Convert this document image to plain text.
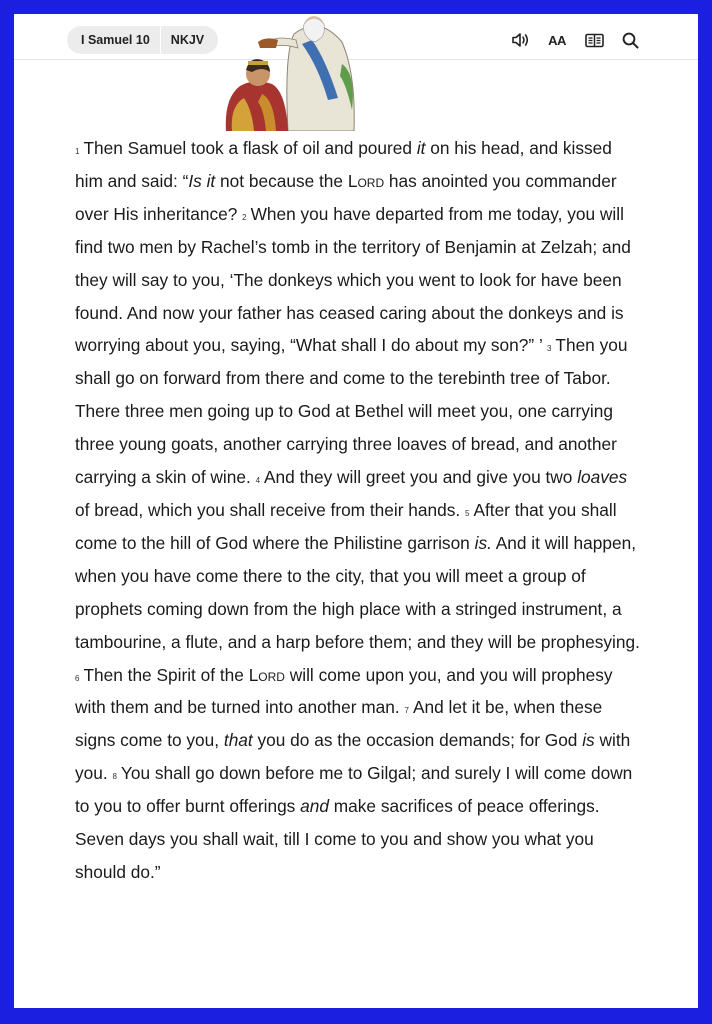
I Samuel 10	NKJV	AA

$^1$ Then Samuel took a flask of oil and poured it on his head, and kissed him and said: “Is it not because the Lord has anointed you commander over His inheritance? $^2$ When you have departed from me today, you will find two men by Rachel’s tomb in the territory of Benjamin at Zelzah; and they will say to you, ‘The donkeys which you went to look for have been found. And now your father has ceased caring about the donkeys and is worrying about you, saying, “What shall I do about my son?” ’ $^3$ Then you shall go on forward from there and come to the terebinth tree of Tabor. There three men going up to God at Bethel will meet you, one carrying three young goats, another carrying three loaves of bread, and another carrying a skin of wine. $^4$ And they will greet you and give you two loaves of bread, which you shall receive from their hands. $^5$ After that you shall come to the hill of God where the Philistine garrison is. And it will happen, when you have come there to the city, that you will meet a group of prophets coming down from the high place with a stringed instrument, a tambourine, a flute, and a harp before them; and they will be prophesying. $^6$ Then the Spirit of the Lord will come upon you, and you will prophesy with them and be turned into another man. $^7$ And let it be, when these signs come to you, that you do as the occasion demands; for God is with you. $^8$ You shall go down before me to Gilgal; and surely I will come down to you to offer burnt offerings and make sacrifices of peace offerings. Seven days you shall wait, till I come to you and show you what you should do.”
